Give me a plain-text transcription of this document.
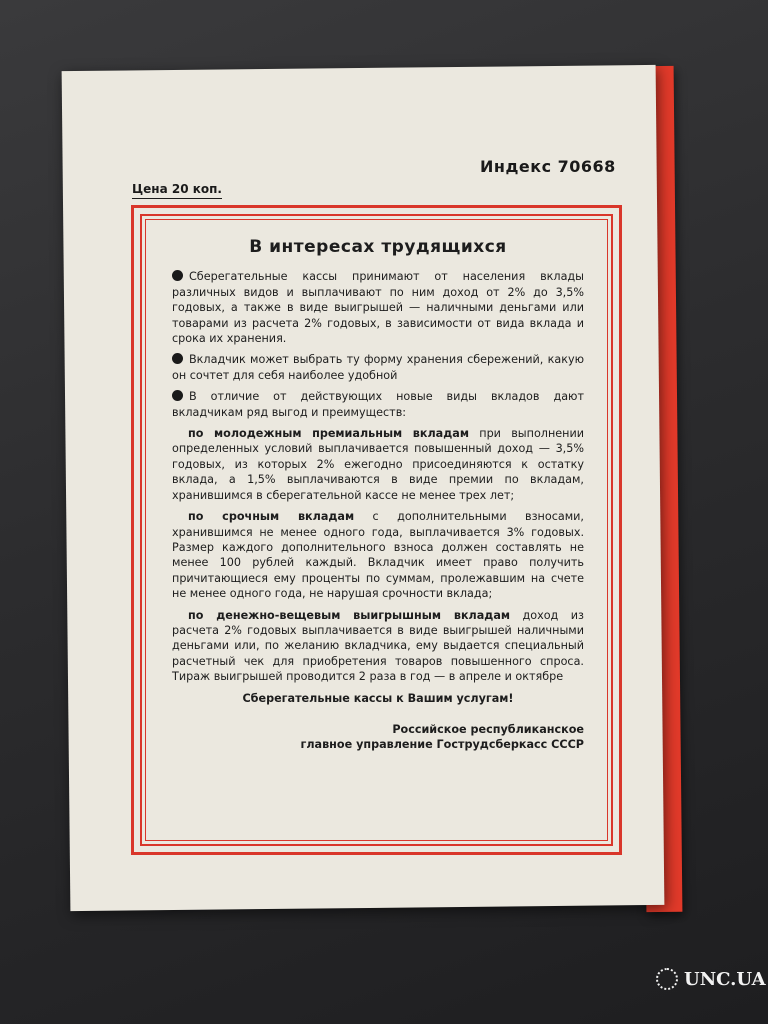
Цена 20 коп.
Индекс 70668
В интересах трудящихся

Сберегательные кассы принимают от населения вклады различных видов и выплачивают по ним доход от 2% до 3,5% годовых, а также в виде выигрышей — наличными деньгами или товарами из расчета 2% годовых, в зависимости от вида вклада и срока их хранения.

Вкладчик может выбрать ту форму хранения сбережений, какую он сочтет для себя наиболее удобной

В отличие от действующих новые виды вкладов дают вкладчикам ряд выгод и преимуществ:

по молодежным премиальным вкладам при выполнении определенных условий выплачивается повышенный доход — 3,5% годовых, из которых 2% ежегодно присоединяются к остатку вклада, а 1,5% выплачиваются в виде премии по вкладам, хранившимся в сберегательной кассе не менее трех лет;

по срочным вкладам с дополнительными взносами, хранившимся не менее одного года, выплачивается 3% годовых. Размер каждого дополнительного взноса должен составлять не менее 100 рублей каждый. Вкладчик имеет право получить причитающиеся ему проценты по суммам, пролежавшим на счете не менее одного года, не нарушая срочности вклада;

по денежно-вещевым выигрышным вкладам доход из расчета 2% годовых выплачивается в виде выигрышей наличными деньгами или, по желанию вкладчика, ему выдается специальный расчетный чек для приобретения товаров повышенного спроса. Тираж выигрышей проводится 2 раза в год — в апреле и октябре

Сберегательные кассы к Вашим услугам!

Российское республиканское

главное управление Гострудсберкасс СССР

UNC.UA
